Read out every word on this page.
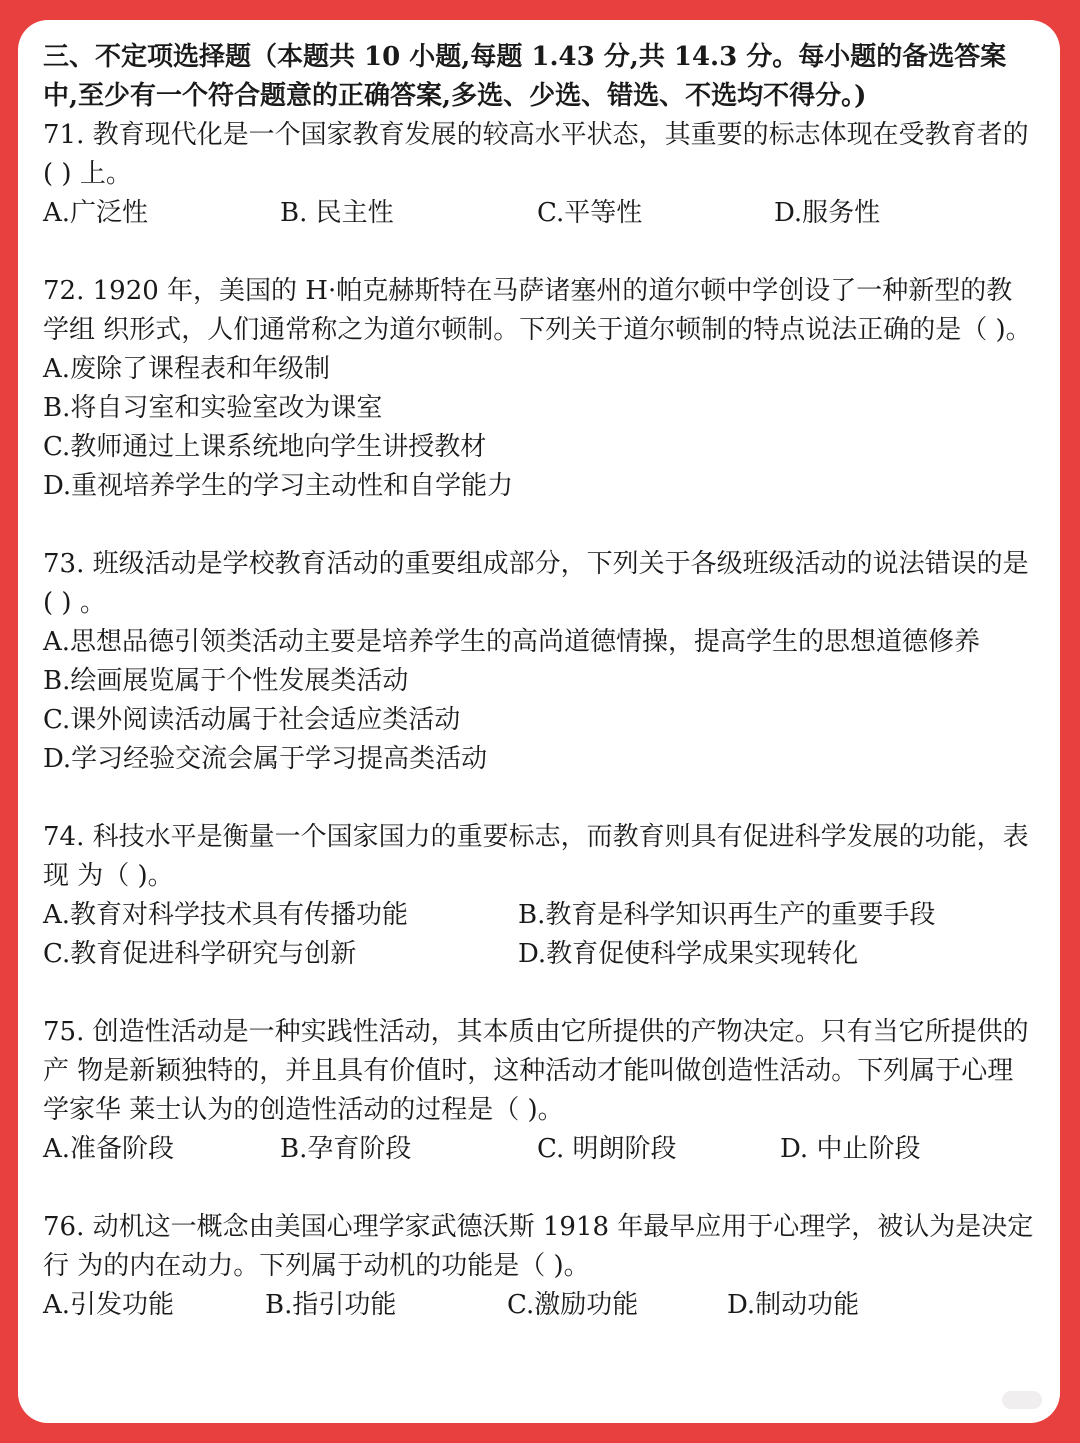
三、不定项选择题（本题共 10 小题,每题 1.43 分,共 14.3 分。每小题的备选答案中,至少有一个符合题意的正确答案,多选、少选、错选、不选均不得分。)

71. 教育现代化是一个国家教育发展的较高水平状态，其重要的标志体现在受教育者的 ( ) 上。

A.广泛性	B. 民主性	C.平等性	D.服务性

72. 1920 年，美国的 H·帕克赫斯特在马萨诸塞州的道尔顿中学创设了一种新型的教学组 织形式，人们通常称之为道尔顿制。下列关于道尔顿制的特点说法正确的是（ )。

A.废除了课程表和年级制

B.将自习室和实验室改为课室

C.教师通过上课系统地向学生讲授教材

D.重视培养学生的学习主动性和自学能力

73. 班级活动是学校教育活动的重要组成部分，下列关于各级班级活动的说法错误的是 ( ) 。

A.思想品德引领类活动主要是培养学生的高尚道德情操，提高学生的思想道德修养

B.绘画展览属于个性发展类活动

C.课外阅读活动属于社会适应类活动

D.学习经验交流会属于学习提高类活动

74. 科技水平是衡量一个国家国力的重要标志，而教育则具有促进科学发展的功能，表现 为（ )。

A.教育对科学技术具有传播功能	B.教育是科学知识再生产的重要手段
C.教育促进科学研究与创新	D.教育促使科学成果实现转化

75. 创造性活动是一种实践性活动，其本质由它所提供的产物决定。只有当它所提供的产 物是新颖独特的，并且具有价值时，这种活动才能叫做创造性活动。下列属于心理学家华 莱士认为的创造性活动的过程是（ )。

A.准备阶段	B.孕育阶段	C. 明朗阶段	D. 中止阶段

76. 动机这一概念由美国心理学家武德沃斯 1918 年最早应用于心理学，被认为是决定行 为的内在动力。下列属于动机的功能是（ )。

A.引发功能	B.指引功能	C.激励功能	D.制动功能
